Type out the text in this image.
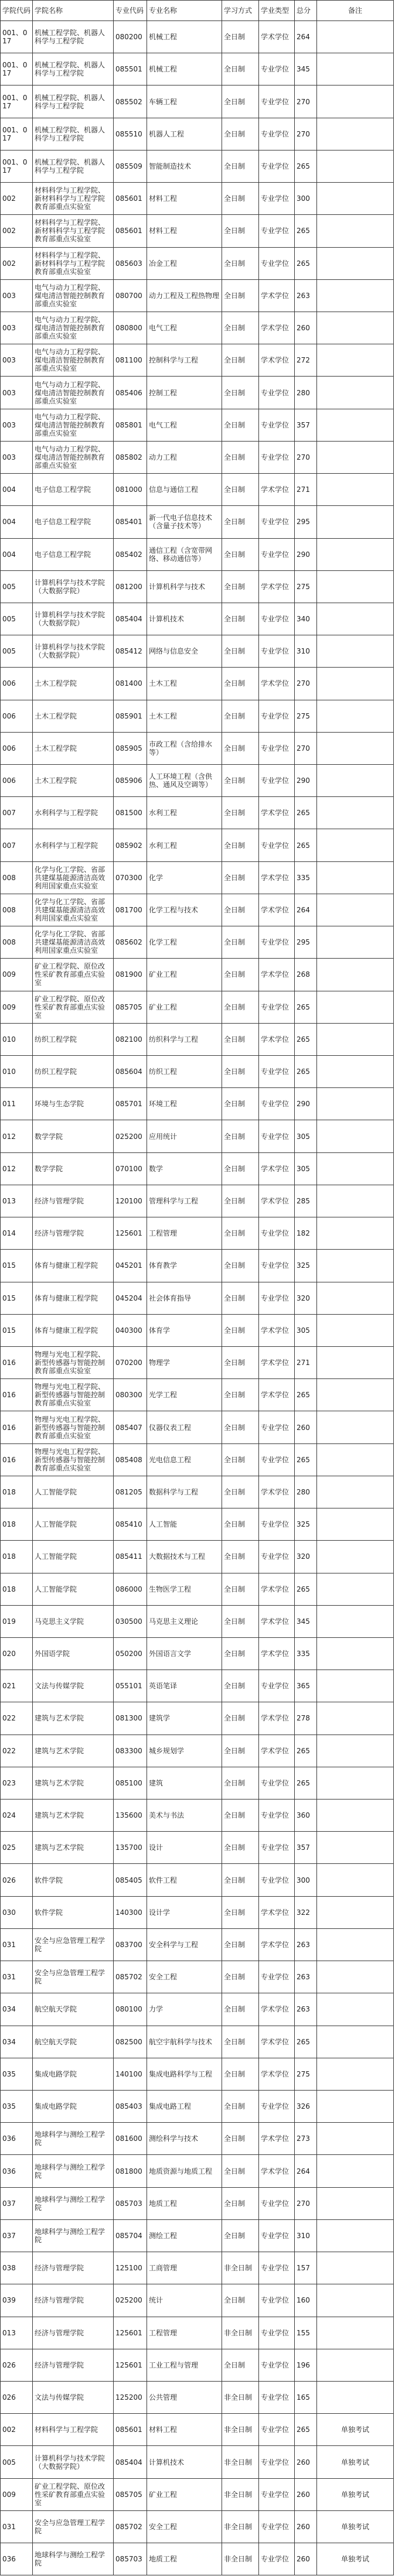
学院代码	学院名称	专业代码	专业名称	学习方式	学业类型	总分	备注
001、017	机械工程学院、机器人科学与工程学院	080200	机械工程	全日制	学术学位	264	
001、017	机械工程学院、机器人科学与工程学院	085501	机械工程	全日制	专业学位	345	
001、017	机械工程学院、机器人科学与工程学院	085502	车辆工程	全日制	专业学位	270	
001、017	机械工程学院、机器人科学与工程学院	085510	机器人工程	全日制	专业学位	270	
001、017	机械工程学院、机器人科学与工程学院	085509	智能制造技术	全日制	专业学位	265	
002	材料科学与工程学院、新材料科学与工程学院教育部重点实验室	085601	材料工程	全日制	专业学位	300	
002	材料科学与工程学院、新材料科学与工程学院教育部重点实验室	085601	材料工程	全日制	专业学位	265	
002	材料科学与工程学院、新材料科学与工程学院教育部重点实验室	085603	冶金工程	全日制	专业学位	265	
003	电气与动力工程学院、煤电清洁智能控制教育部重点实验室	080700	动力工程及工程热物理	全日制	学术学位	263	
003	电气与动力工程学院、煤电清洁智能控制教育部重点实验室	080800	电气工程	全日制	学术学位	260	
003	电气与动力工程学院、煤电清洁智能控制教育部重点实验室	081100	控制科学与工程	全日制	学术学位	272	
003	电气与动力工程学院、煤电清洁智能控制教育部重点实验室	085406	控制工程	全日制	专业学位	280	
003	电气与动力工程学院、煤电清洁智能控制教育部重点实验室	085801	电气工程	全日制	专业学位	357	
003	电气与动力工程学院、煤电清洁智能控制教育部重点实验室	085802	动力工程	全日制	专业学位	270	
004	电子信息工程学院	081000	信息与通信工程	全日制	学术学位	271	
004	电子信息工程学院	085401	新一代电子信息技术（含量子技术等）	全日制	专业学位	295	
004	电子信息工程学院	085402	通信工程（含宽带网络、移动通信等）	全日制	专业学位	290	
005	计算机科学与技术学院（大数据学院）	081200	计算机科学与技术	全日制	学术学位	275	
005	计算机科学与技术学院（大数据学院）	085404	计算机技术	全日制	专业学位	340	
005	计算机科学与技术学院（大数据学院）	085412	网络与信息安全	全日制	专业学位	310	
006	土木工程学院	081400	土木工程	全日制	学术学位	270	
006	土木工程学院	085901	土木工程	全日制	专业学位	275	
006	土木工程学院	085905	市政工程（含给排水等）	全日制	专业学位	270	
006	土木工程学院	085906	人工环境工程（含供热、通风及空调等）	全日制	专业学位	290	
007	水利科学与工程学院	081500	水利工程	全日制	学术学位	265	
007	水利科学与工程学院	085902	水利工程	全日制	专业学位	265	
008	化学与化工学院、省部共建煤基能源清洁高效利用国家重点实验室	070300	化学	全日制	学术学位	335	
008	化学与化工学院、省部共建煤基能源清洁高效利用国家重点实验室	081700	化学工程与技术	全日制	学术学位	264	
008	化学与化工学院、省部共建煤基能源清洁高效利用国家重点实验室	085602	化学工程	全日制	专业学位	295	
009	矿业工程学院、原位改性采矿教育部重点实验室	081900	矿业工程	全日制	学术学位	268	
009	矿业工程学院、原位改性采矿教育部重点实验室	085705	矿业工程	全日制	专业学位	265	
010	纺织工程学院	082100	纺织科学与工程	全日制	学术学位	265	
010	纺织工程学院	085604	纺织工程	全日制	专业学位	265	
011	环境与生态学院	085701	环境工程	全日制	专业学位	290	
012	数学学院	025200	应用统计	全日制	专业学位	305	
012	数学学院	070100	数学	全日制	学术学位	305	
013	经济与管理学院	120100	管理科学与工程	全日制	学术学位	285	
014	经济与管理学院	125601	工程管理	全日制	专业学位	182	
015	体育与健康工程学院	045201	体育教学	全日制	专业学位	325	
015	体育与健康工程学院	045204	社会体育指导	全日制	专业学位	320	
015	体育与健康工程学院	040300	体育学	全日制	学术学位	305	
016	物理与光电工程学院、新型传感器与智能控制教育部重点实验室	070200	物理学	全日制	学术学位	271	
016	物理与光电工程学院、新型传感器与智能控制教育部重点实验室	080300	光学工程	全日制	学术学位	265	
016	物理与光电工程学院、新型传感器与智能控制教育部重点实验室	085407	仪器仪表工程	全日制	专业学位	260	
016	物理与光电工程学院、新型传感器与智能控制教育部重点实验室	085408	光电信息工程	全日制	专业学位	265	
018	人工智能学院	081205	数据科学与工程	全日制	学术学位	280	
018	人工智能学院	085410	人工智能	全日制	专业学位	325	
018	人工智能学院	085411	大数据技术与工程	全日制	专业学位	320	
018	人工智能学院	086000	生物医学工程	全日制	学术学位	265	
019	马克思主义学院	030500	马克思主义理论	全日制	学术学位	345	
020	外国语学院	050200	外国语言文学	全日制	学术学位	335	
021	文法与传媒学院	055101	英语笔译	全日制	专业学位	365	
022	建筑与艺术学院	081300	建筑学	全日制	学术学位	278	
022	建筑与艺术学院	083300	城乡规划学	全日制	学术学位	265	
023	建筑与艺术学院	085100	建筑	全日制	专业学位	265	
024	建筑与艺术学院	135600	美术与书法	全日制	专业学位	360	
025	建筑与艺术学院	135700	设计	全日制	专业学位	357	
026	软件学院	085405	软件工程	全日制	专业学位	300	
030	软件学院	140300	设计学	全日制	学术学位	322	
031	安全与应急管理工程学院	083700	安全科学与工程	全日制	学术学位	263	
031	安全与应急管理工程学院	085702	安全工程	全日制	专业学位	263	
034	航空航天学院	080100	力学	全日制	学术学位	263	
034	航空航天学院	082500	航空宇航科学与技术	全日制	学术学位	265	
035	集成电路学院	140100	集成电路科学与工程	全日制	学术学位	275	
035	集成电路学院	085403	集成电路工程	全日制	专业学位	326	
036	地球科学与测绘工程学院	081600	测绘科学与技术	全日制	学术学位	273	
036	地球科学与测绘工程学院	081800	地质资源与地质工程	全日制	学术学位	264	
037	地球科学与测绘工程学院	085703	地质工程	全日制	专业学位	270	
037	地球科学与测绘工程学院	085704	测绘工程	全日制	专业学位	310	
038	经济与管理学院	125100	工商管理	非全日制	专业学位	157	
039	经济与管理学院	025200	统计	全日制	专业学位	160	
013	经济与管理学院	125601	工程管理	非全日制	专业学位	155	
026	经济与管理学院	125601	工业工程与管理	全日制	专业学位	196	
026	文法与传媒学院	125200	公共管理	非全日制	专业学位	165	
002	材料科学与工程学院	085601	材料工程	非全日制	专业学位	265	单独考试
005	计算机科学与技术学院（大数据学院）	085404	计算机技术	非全日制	专业学位	260	单独考试
009	矿业工程学院、原位改性采矿教育部重点实验室	085705	矿业工程	非全日制	专业学位	260	单独考试
031	安全与应急管理工程学院	085702	安全工程	非全日制	专业学位	260	单独考试
036	地球科学与测绘工程学院	085703	地质工程	非全日制	专业学位	260	单独考试
